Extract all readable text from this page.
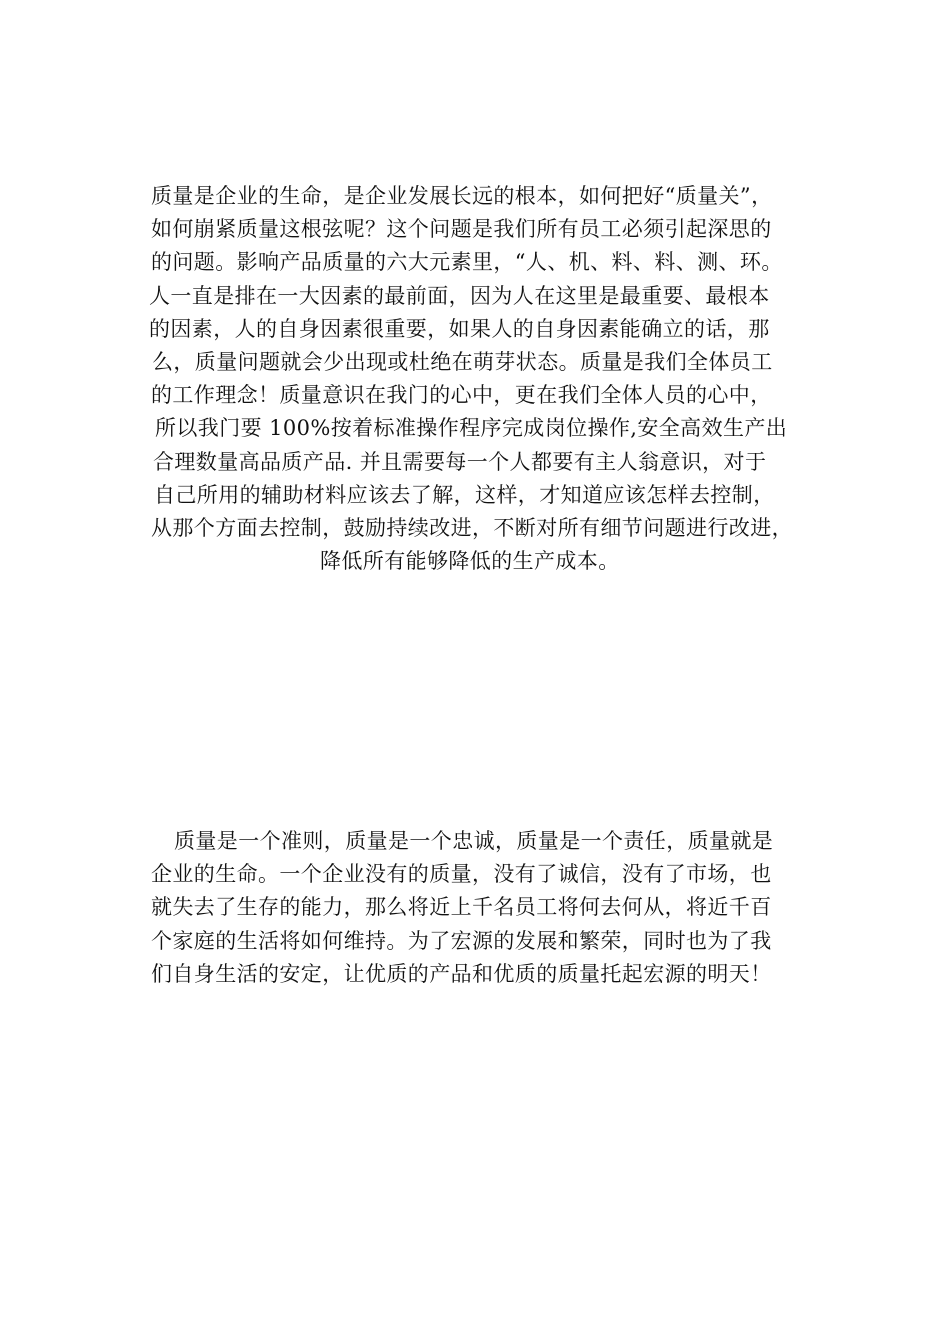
质量是企业的生命，是企业发展长远的根本，如何把好“质量关”，
如何崩紧质量这根弦呢？这个问题是我们所有员工必须引起深思的
的问题。影响产品质量的六大元素里，“人、机、料、料、测、环。
人一直是排在一大因素的最前面，因为人在这里是最重要、最根本
的因素，人的自身因素很重要，如果人的自身因素能确立的话，那
么，质量问题就会少出现或杜绝在萌芽状态。质量是我们全体员工
的工作理念！质量意识在我门的心中，更在我们全体人员的心中，
所以我门要 100%按着标准操作程序完成岗位操作,安全高效生产出
合理数量高品质产品. 并且需要每一个人都要有主人翁意识，对于
自己所用的辅助材料应该去了解，这样，才知道应该怎样去控制，
从那个方面去控制，鼓励持续改进，不断对所有细节问题进行改进，
降低所有能够降低的生产成本。
质量是一个准则，质量是一个忠诚，质量是一个责任，质量就是
企业的生命。一个企业没有的质量，没有了诚信，没有了市场，也
就失去了生存的能力，那么将近上千名员工将何去何从，将近千百
个家庭的生活将如何维持。为了宏源的发展和繁荣，同时也为了我
们自身生活的安定，让优质的产品和优质的质量托起宏源的明天！
